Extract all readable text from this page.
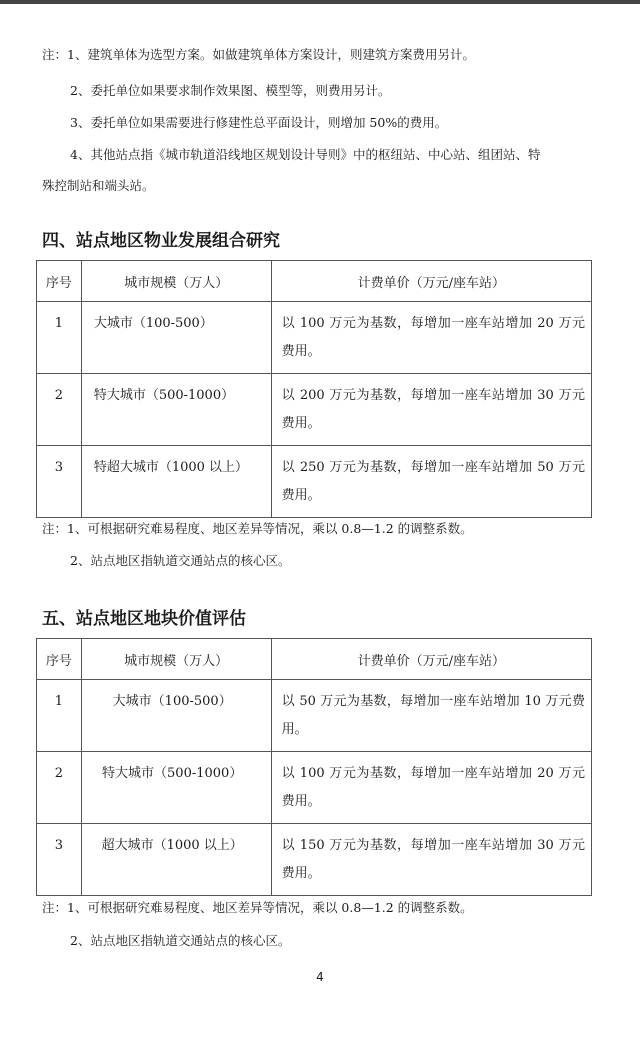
注：1、建筑单体为选型方案。如做建筑单体方案设计，则建筑方案费用另计。
2、委托单位如果要求制作效果图、模型等，则费用另计。
3、委托单位如果需要进行修建性总平面设计，则增加 50%的费用。
4、其他站点指《城市轨道沿线地区规划设计导则》中的枢纽站、中心站、组团站、特
殊控制站和端头站。
四、站点地区物业发展组合研究
序号	城市规模（万人）	计费单价（万元/座车站）

1	大城市（100-500）	以 100 万元为基数，每增加一座车站增加 20 万元费用。

2	特大城市（500-1000）	以 200 万元为基数，每增加一座车站增加 30 万元费用。

3	特超大城市（1000 以上）	以 250 万元为基数，每增加一座车站增加 50 万元费用。
注：1、可根据研究难易程度、地区差异等情况，乘以 0.8—1.2 的调整系数。
2、站点地区指轨道交通站点的核心区。
五、站点地区地块价值评估
序号	城市规模（万人）	计费单价（万元/座车站）

1	大城市（100-500）	以 50 万元为基数，每增加一座车站增加 10 万元费用。

2	特大城市（500-1000）	以 100 万元为基数，每增加一座车站增加 20 万元费用。

3	超大城市（1000 以上）	以 150 万元为基数，每增加一座车站增加 30 万元费用。
注：1、可根据研究难易程度、地区差异等情况，乘以 0.8—1.2 的调整系数。
2、站点地区指轨道交通站点的核心区。
4
